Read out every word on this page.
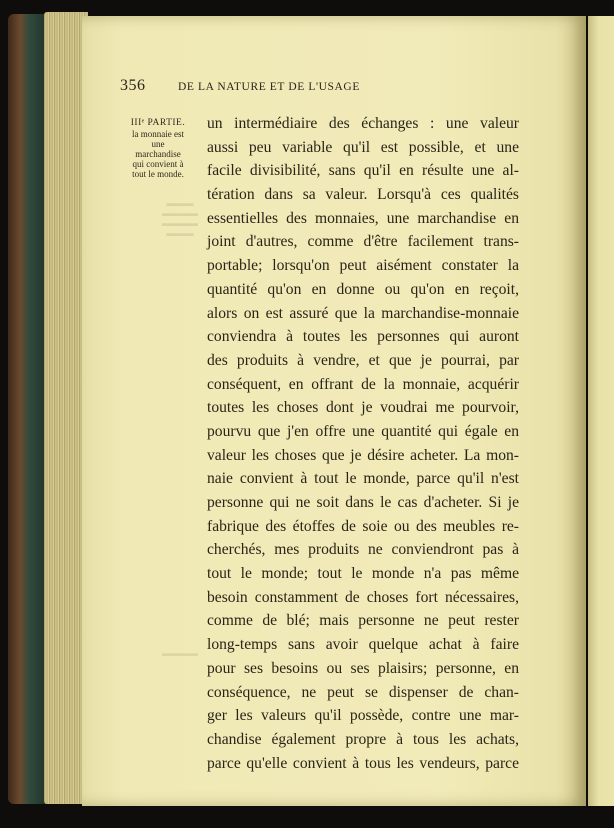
356	DE LA NATURE ET DE L'USAGE
IIIᵉ PARTIE.
la monnaie est
une
marchandise
qui convient à
tout le monde.
▬▬▬
▬▬▬▬
▬▬▬▬
▬▬▬
▬▬▬▬
un intermédiaire des échanges : une valeur
aussi peu variable qu'il est possible, et une
facile divisibilité, sans qu'il en résulte une al-
tération dans sa valeur. Lorsqu'à ces qualités
essentielles des monnaies, une marchandise en
joint d'autres, comme d'être facilement trans-
portable; lorsqu'on peut aisément constater la
quantité qu'on en donne ou qu'on en reçoit,
alors on est assuré que la marchandise-monnaie
conviendra à toutes les personnes qui auront
des produits à vendre, et que je pourrai, par
conséquent, en offrant de la monnaie, acquérir
toutes les choses dont je voudrai me pourvoir,
pourvu que j'en offre une quantité qui égale en
valeur les choses que je désire acheter. La mon-
naie convient à tout le monde, parce qu'il n'est
personne qui ne soit dans le cas d'acheter. Si je
fabrique des étoffes de soie ou des meubles re-
cherchés, mes produits ne conviendront pas à
tout le monde; tout le monde n'a pas même
besoin constamment de choses fort nécessaires,
comme de blé; mais personne ne peut rester
long-temps sans avoir quelque achat à faire
pour ses besoins ou ses plaisirs; personne, en
conséquence, ne peut se dispenser de chan-
ger les valeurs qu'il possède, contre une mar-
chandise également propre à tous les achats,
parce qu'elle convient à tous les vendeurs, parce
